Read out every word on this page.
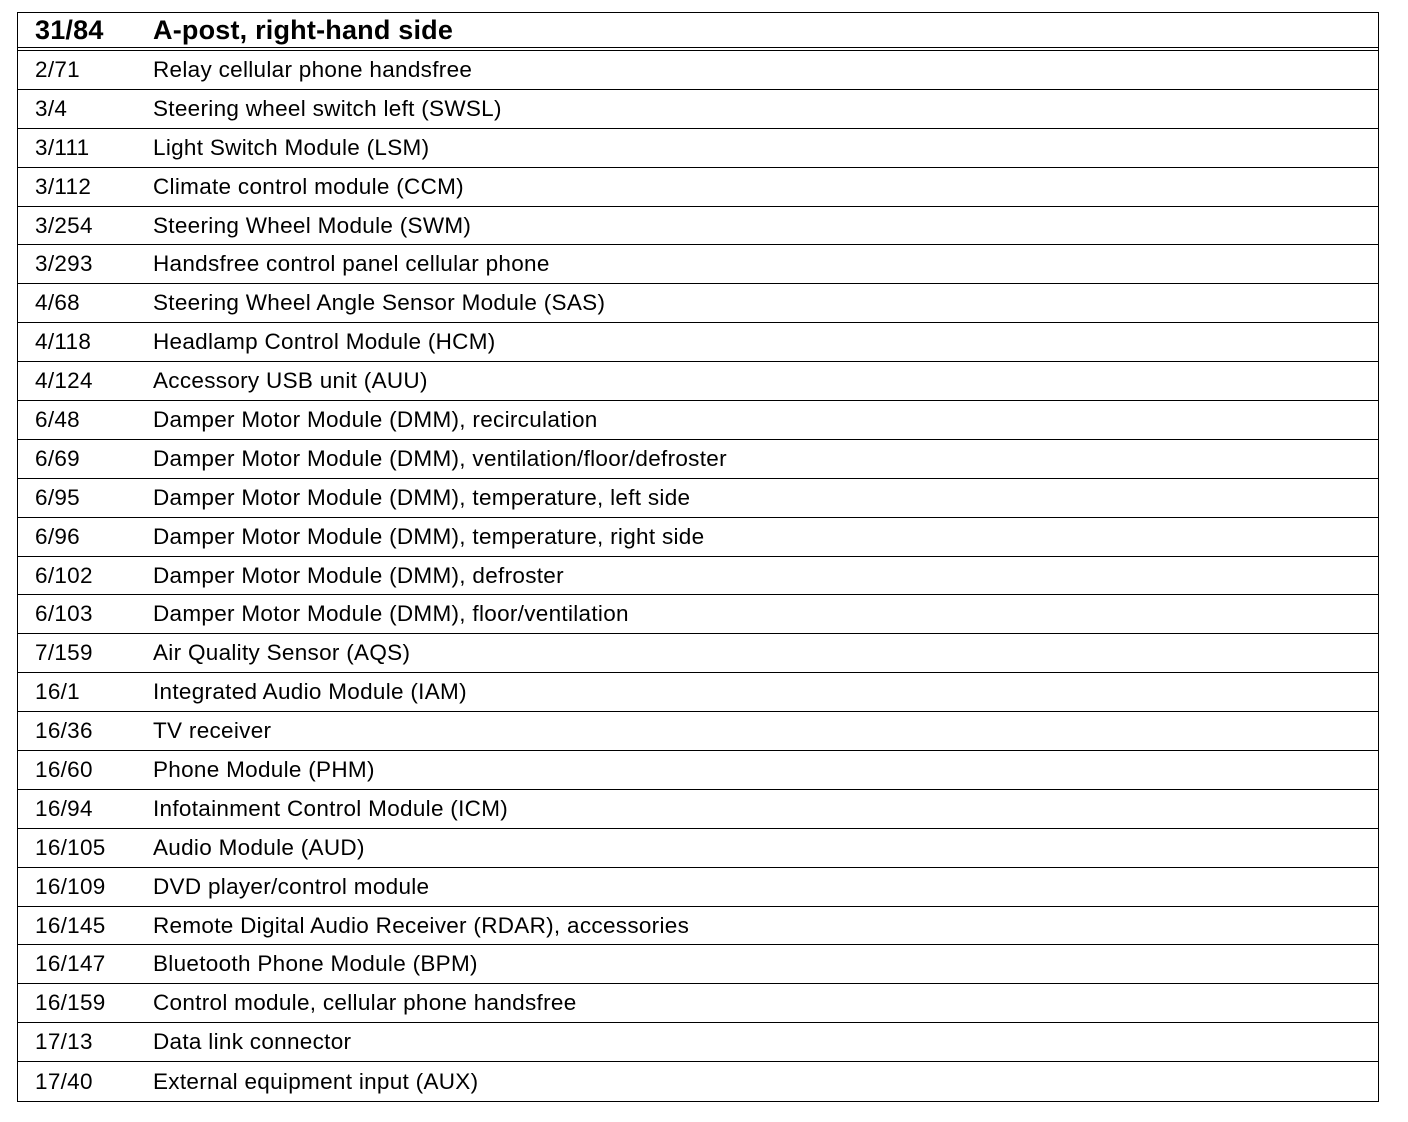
31/84	A-post, right-hand side
2/71	Relay cellular phone handsfree
3/4	Steering wheel switch left (SWSL)
3/111	Light Switch Module (LSM)
3/112	Climate control module (CCM)
3/254	Steering Wheel Module (SWM)
3/293	Handsfree control panel cellular phone
4/68	Steering Wheel Angle Sensor Module (SAS)
4/118	Headlamp Control Module (HCM)
4/124	Accessory USB unit (AUU)
6/48	Damper Motor Module (DMM), recirculation
6/69	Damper Motor Module (DMM), ventilation/floor/defroster
6/95	Damper Motor Module (DMM), temperature, left side
6/96	Damper Motor Module (DMM), temperature, right side
6/102	Damper Motor Module (DMM), defroster
6/103	Damper Motor Module (DMM), floor/ventilation
7/159	Air Quality Sensor (AQS)
16/1	Integrated Audio Module (IAM)
16/36	TV receiver
16/60	Phone Module (PHM)
16/94	Infotainment Control Module (ICM)
16/105	Audio Module (AUD)
16/109	DVD player/control module
16/145	Remote Digital Audio Receiver (RDAR), accessories
16/147	Bluetooth Phone Module (BPM)
16/159	Control module, cellular phone handsfree
17/13	Data link connector
17/40	External equipment input (AUX)
